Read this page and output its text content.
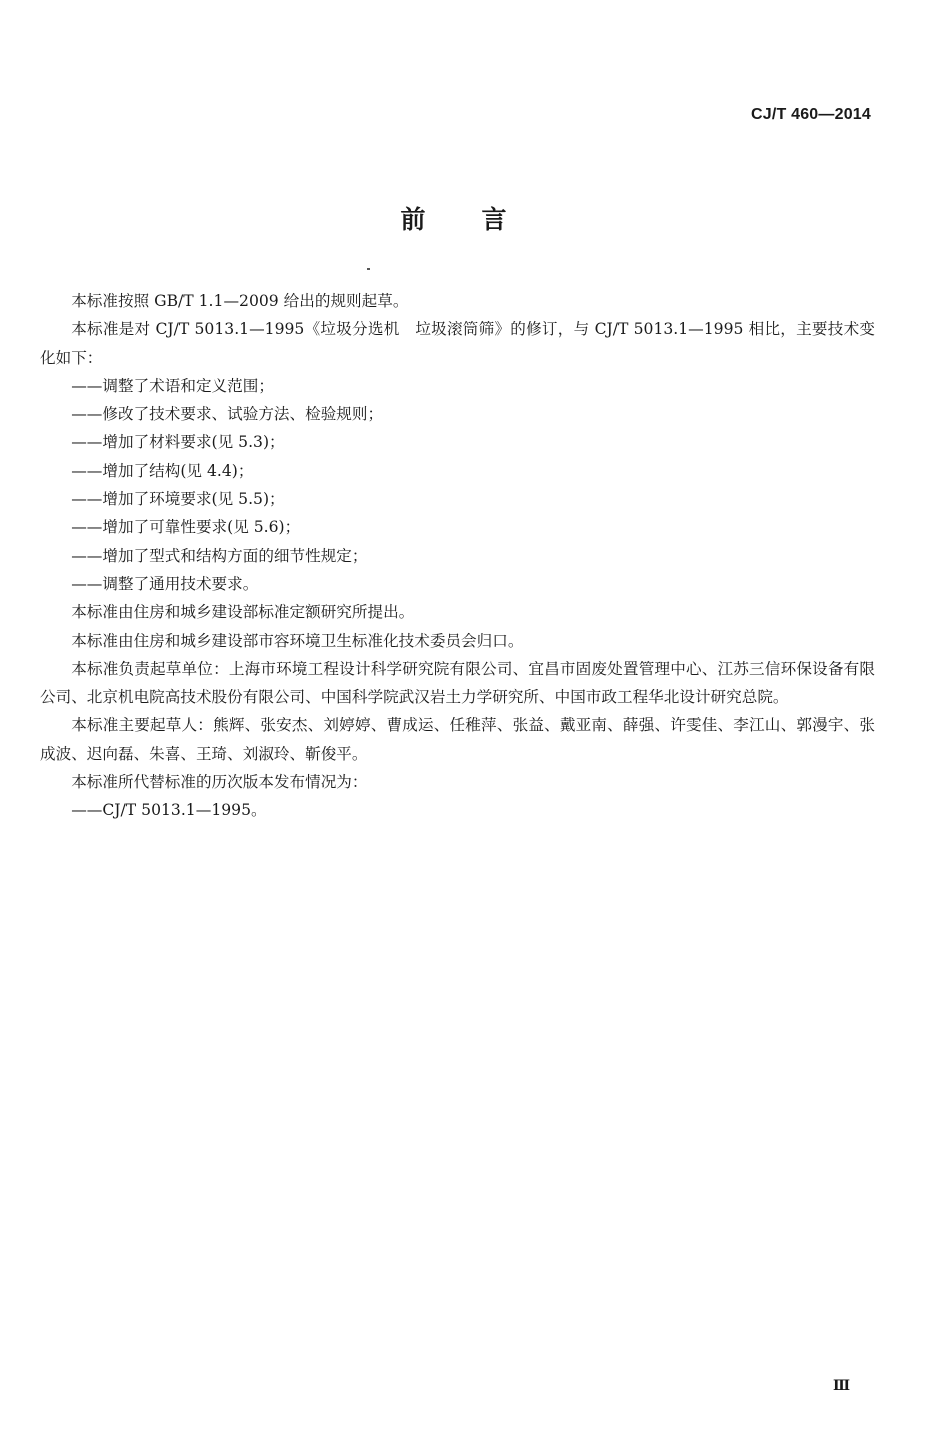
CJ/T 460—2014
前 言

本标准按照 GB/T 1.1—2009 给出的规则起草。

本标准是对 CJ/T 5013.1—1995《垃圾分选机　垃圾滚筒筛》的修订，与 CJ/T 5013.1—1995 相比，主要技术变化如下：

——调整了术语和定义范围；

——修改了技术要求、试验方法、检验规则；

——增加了材料要求(见 5.3)；

——增加了结构(见 4.4)；

——增加了环境要求(见 5.5)；

——增加了可靠性要求(见 5.6)；

——增加了型式和结构方面的细节性规定；

——调整了通用技术要求。

本标准由住房和城乡建设部标准定额研究所提出。

本标准由住房和城乡建设部市容环境卫生标准化技术委员会归口。

本标准负责起草单位：上海市环境工程设计科学研究院有限公司、宜昌市固废处置管理中心、江苏三信环保设备有限公司、北京机电院高技术股份有限公司、中国科学院武汉岩土力学研究所、中国市政工程华北设计研究总院。

本标准主要起草人：熊辉、张安杰、刘婷婷、曹成运、任稚萍、张益、戴亚南、薛强、许雯佳、李江山、郭漫宇、张成波、迟向磊、朱喜、王琦、刘淑玲、靳俊平。

本标准所代替标准的历次版本发布情况为：

——CJ/T 5013.1—1995。

Ⅲ
